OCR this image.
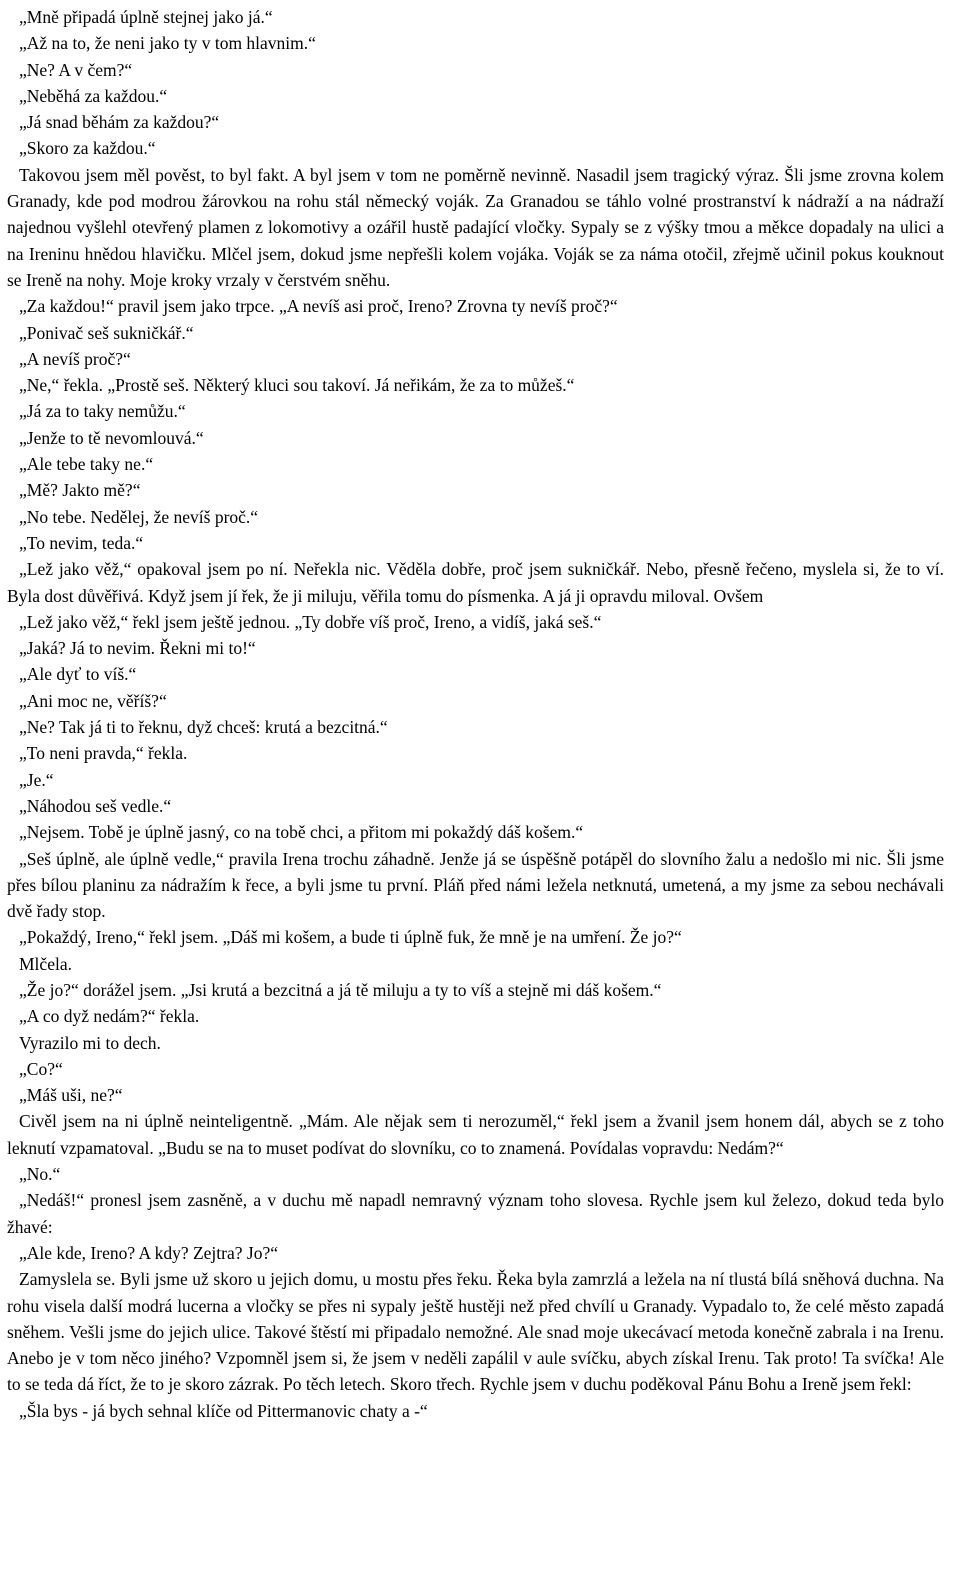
„Mně připadá úplně stejnej jako já.“

„Až na to, že neni jako ty v tom hlavnim.“

„Ne? A v čem?“

„Neběhá za každou.“

„Já snad běhám za každou?“

„Skoro za každou.“

Takovou jsem měl pověst, to byl fakt. A byl jsem v tom ne poměrně nevinně. Nasadil jsem tragický výraz. Šli jsme zrovna kolem Granady, kde pod modrou žárovkou na rohu stál německý voják. Za Granadou se táhlo volné prostranství k nádraží a na nádraží najednou vyšlehl otevřený plamen z lokomotivy a ozářil hustě padající vločky. Sypaly se z výšky tmou a měkce dopadaly na ulici a na Ireninu hnědou hlavičku. Mlčel jsem, dokud jsme nepřešli kolem vojáka. Voják se za náma otočil, zřejmě učinil pokus kouknout se Ireně na nohy. Moje kroky vrzaly v čerstvém sněhu.

„Za každou!“ pravil jsem jako trpce. „A nevíš asi proč, Ireno? Zrovna ty nevíš proč?“

„Ponivač seš sukničkář.“

„A nevíš proč?“

„Ne,“ řekla. „Prostě seš. Některý kluci sou takoví. Já neřikám, že za to můžeš.“

„Já za to taky nemůžu.“

„Jenže to tě nevomlouvá.“

„Ale tebe taky ne.“

„Mě? Jakto mě?“

„No tebe. Nedělej, že nevíš proč.“

„To nevim, teda.“

„Lež jako věž,“ opakoval jsem po ní. Neřekla nic. Věděla dobře, proč jsem sukničkář. Nebo, přesně řečeno, myslela si, že to ví. Byla dost důvěřivá. Když jsem jí řek, že ji miluju, věřila tomu do písmenka. A já ji opravdu miloval. Ovšem

„Lež jako věž,“ řekl jsem ještě jednou. „Ty dobře víš proč, Ireno, a vidíš, jaká seš.“

„Jaká? Já to nevim. Řekni mi to!“

„Ale dyť to víš.“

„Ani moc ne, věříš?“

„Ne? Tak já ti to řeknu, dyž chceš: krutá a bezcitná.“

„To neni pravda,“ řekla.

„Je.“

„Náhodou seš vedle.“

„Nejsem. Tobě je úplně jasný, co na tobě chci, a přitom mi pokaždý dáš košem.“

„Seš úplně, ale úplně vedle,“ pravila Irena trochu záhadně. Jenže já se úspěšně potápěl do slovního žalu a nedošlo mi nic. Šli jsme přes bílou planinu za nádražím k řece, a byli jsme tu první. Pláň před námi ležela netknutá, umetená, a my jsme za sebou nechávali dvě řady stop.

„Pokaždý, Ireno,“ řekl jsem. „Dáš mi košem, a bude ti úplně fuk, že mně je na umření. Že jo?“

Mlčela.

„Že jo?“ dorážel jsem. „Jsi krutá a bezcitná a já tě miluju a ty to víš a stejně mi dáš košem.“

„A co dyž nedám?“ řekla.

Vyrazilo mi to dech.

„Co?“

„Máš uši, ne?“

Civěl jsem na ni úplně neinteligentně. „Mám. Ale nějak sem ti nerozuměl,“ řekl jsem a žvanil jsem honem dál, abych se z toho leknutí vzpamatoval. „Budu se na to muset podívat do slovníku, co to znamená. Povídalas vopravdu: Nedám?“

„No.“

„Nedáš!“ pronesl jsem zasněně, a v duchu mě napadl nemravný význam toho slovesa. Rychle jsem kul železo, dokud teda bylo žhavé:

„Ale kde, Ireno? A kdy? Zejtra? Jo?“

Zamyslela se. Byli jsme už skoro u jejich domu, u mostu přes řeku. Řeka byla zamrzlá a ležela na ní tlustá bílá sněhová duchna. Na rohu visela další modrá lucerna a vločky se přes ni sypaly ještě hustěji než před chvílí u Granady. Vypadalo to, že celé město zapadá sněhem. Vešli jsme do jejich ulice. Takové štěstí mi připadalo nemožné. Ale snad moje ukecávací metoda konečně zabrala i na Irenu. Anebo je v tom něco jiného? Vzpomněl jsem si, že jsem v neděli zapálil v aule svíčku, abych získal Irenu. Tak proto! Ta svíčka! Ale to se teda dá říct, že to je skoro zázrak. Po těch letech. Skoro třech. Rychle jsem v duchu poděkoval Pánu Bohu a Ireně jsem řekl:

„Šla bys - já bych sehnal klíče od Pittermanovic chaty a -“
